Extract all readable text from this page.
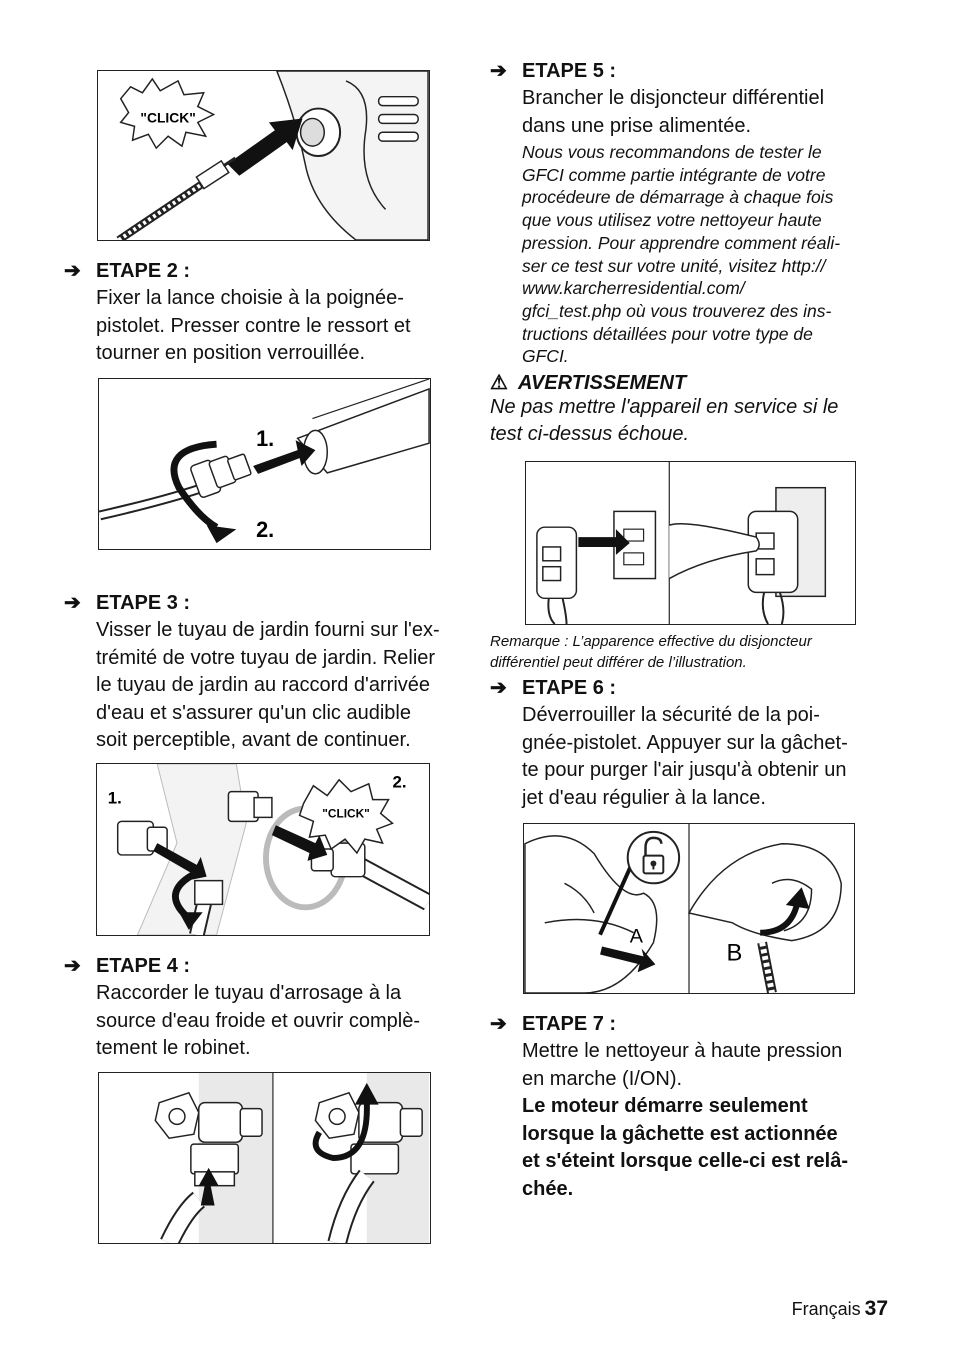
"CLICK"
➔ ETAPE 2 :
Fixer la lance choisie à la poignée-
pistolet. Presser contre le ressort et
tourner en position verrouillée.
1.
2.
➔ ETAPE 3 :
Visser le tuyau de jardin fourni sur l'ex-
trémité de votre tuyau de jardin. Relier
le tuyau de jardin au raccord d'arrivée
d'eau et s'assurer qu'un clic audible
soit perceptible, avant de continuer.
"CLICK"
1.
2.
➔ ETAPE 4 :
Raccorder le tuyau d'arrosage à la
source d'eau froide et ouvrir complè-
tement le robinet.
➔ ETAPE 5 :
Brancher le disjoncteur différentiel
dans une prise alimentée.
Nous vous recommandons de tester le
GFCI comme partie intégrante de votre
procédeure de démarrage à chaque fois
que vous utilisez votre nettoyeur haute
pression. Pour apprendre comment réali-
ser ce test sur votre unité, visitez http://
www.karcherresidential.com/
gfci_test.php où vous trouverez des ins-
tructions détaillées pour votre type de
GFCI.
⚠ AVERTISSEMENT
Ne pas mettre l'appareil en service si le
test ci-dessus échoue.
Remarque : L’apparence effective du disjoncteur
différentiel peut différer de l’illustration.
➔ ETAPE 6 :
Déverrouiller la sécurité de la poi-
gnée-pistolet. Appuyer sur la gâchet-
te pour purger l'air jusqu'à obtenir un
jet d'eau régulier à la lance.
A
B
➔ ETAPE 7 :
Mettre le nettoyeur à haute pression
en marche (I/ON).
Le moteur démarre seulement
lorsque la gâchette est actionnée
et s'éteint lorsque celle-ci est relâ-
chée.
Français 37
